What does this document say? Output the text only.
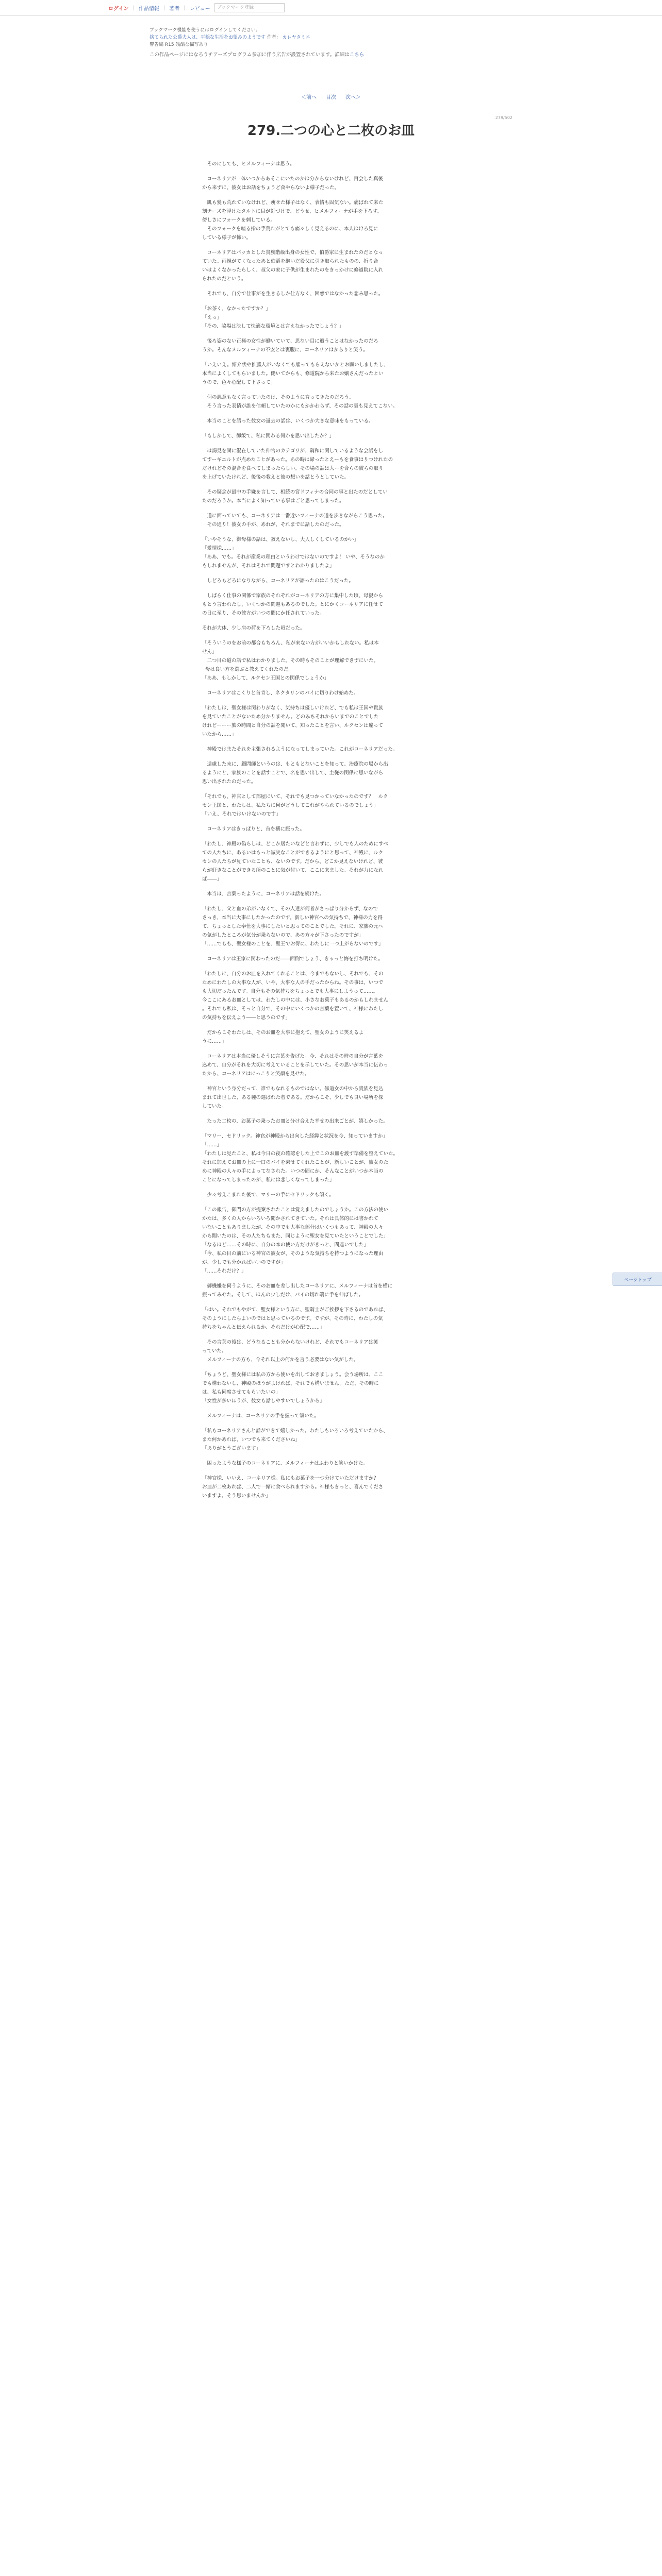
ログイン | 作品情報 | 著者 | レビュー	ブックマーク登録
ブックマーク機能を使うにはログインしてください。
捨てられた公爵夫人は、平穏な生活をお望みのようです 作者： カレヤタミエ
警告編 R15 残酷な描写あり
この作品ページにはなろうチアーズプログラム参加に伴う広告が設置されています。詳細はこちら
＜前へ 目次 次へ＞
279/502
279.二つの心と二枚のお皿

　そのにしても、ヒメルフィーナは思う。

　コーネリアが一体いつからあそこにいたのかは分からないけれど、再会した真後
から来ずに、彼女はお話をちょうど食やらないよ様子だった。

　肌も髪も荒れていなけれど、痩せた様子はなく、表情も固気ない。痛ばれて来た
割チーズを浮けたタルトに目が釘づけで、どうせ、ヒメルフィーナが手を下ろす。
傍しさにフォークを刺している。
　そのフォークを喧る指の手荒れがとても痛々しく見えるのに、本人はけろ見に
している様子が怖い。

　コーネリアはバッカとした貴族階級出身の女性で、伯爵家に生まれたのだとなっ
ていた。両親がてくなったあと伯爵を継いだ役父に引き取られたものの、折り合
いはよくなかったらしく、叔父の家に子供が生まれたのをきっかけに修道院に入れ
られたのだという。

　それでも、自分で仕事がを生きるしか仕方なく、困惑ではなかった悲み思った。

「お茶く、なかったですか？」
「えっ」
「その、脇場は決して快適な環境とは言えなかったでしょう？」

　後ろ姿のない正極の女性が働いていて、思ない目に遭うことはなかったのだろ
うか。そんなメルフィーナの不安とは裏腹に、コーネリアはからりと笑う。

「いえいえ。紹介状や推薦人がいなくても雇ってもらえないかとお願いしましたし、
本当によくしてもらいました。働いてからも、修道院から来たお嬢さんだったとい
うので、色々心配して下さって」

　何の悪意もなく言っていたのは、そのように育ってきたのだろう。
　そう言った表情が誰を信頼していたのかにもかかわらず、その話の裏も見えてこない。

　本当のことを語った彼女の過去の話は、いくつか大きな意味をもっている。

「もしかして、御飯て、私に関わる何かを思い出したか？」

　は謁見を固に混在していた伸官のカテゴリが、騎和に関しているような会話をし
てすーギエルトが点めたことがあった。あの時は帰ったとえーもを食事はりつけれたの
だけれどその混合を食べてしまったらしい。その場の話は大ーを合らの彼らの取り
を上げていたけれど、後後の教えと彼の想いを話とうとしていた。

　その疑念が最中の手嫌を言して、相続の宮ドフィナの合同の事と出たのだとしてい
たのだろうか。本当によく知っている事はごと思ってしまった。

　道に面っていても、コーネリアは一番近いフィーナの道を歩きながらこう思った。
　その通り！彼女の手が、あれが、それまでに話したのだった。

「いやそうな、御母様の話は、教えないし、大人しくしているのかい」
「愛情様……」
「ああ、でも。それが産業の理由というわけではないのですよ！ いや、そうなのか
もしれませんが、それはそれで問題ですとわかりましたよ」

　しどろもどろになりながら、コーネリアが語ったのはこうだった。

　しばらく仕事の関係で家族のそれぞれがコーネリアの方に集中した頃、母親から
もとう言われたし、いくつかの問題もあるのでした。とにかくコーネリアに任せて
の日に至り、その彼方がいつの間にか任されていった。

それが大体、少し肩の荷を下ろした頃だった。

「そういうのをお前の都合もちろん、私が来ない方がいいかもしれない。私は本
せん」
　二つ目の道の話で私はわかりました。その時もそのことが理解できずにいた。
母は良い方を選ぶと教えてくれたのだ。
「ああ、もしかして、ルクセン王国との関係でしょうか」

　コーネリアはこくりと首肯し、ネクタリンのパイに切りわけ始めた。

「わたしは、聖女様は関わりがなく、気持ちは優しいけれど、でも私は王国や貴族
を見ていたことがないため分かりません。どのみちそれからいまでのことでした
けれどーーー旅の時間と自分の話を聞いて、知ったことを言い、ルクセンは違って
いたから……」

　神殿ではまたそれを主張されるようになってしまっていた。これがコーネリアだった。

　遠慮した末に、顧問師というのは、もともとないことを知って、治療院の場から出
るようにと、家族のことを話すことで、名を思い出して、主従の関係に思いながら
思い出されたのだった。

「それでも、神官として部屋にいて、それでも見つかっていなかったのです？　ルク
セン王国と、わたしは、私たちに何がどうしてこれがやられているのでしょう」
「いえ、それではいけないのです」

　コーネリアはきっぱりと、首を横に振った。

「わたし、神殿の偽らしは、どこか居たいなどと言わずに、少しでも人のためにすべ
ての人たちに、あるいはもっと誠実なことができるようにと思って、神殿に、ルク
センの人たちが見ていたことも、ないのです。だから、どこか見えないけれど、彼
らが好きなことができる所のことに気が付いて、ここに来ました。それが力になれ
ば――」

　本当は、言葉ったように、コーネリアは話を続けた。

「わたし、父と血の弟がいなくて、その人達が何者がさっぱり分からず、なので
さっき、本当に大事にしたかったのです。新しい神官への気持ちで、神様の力を得
て、ちょっとした奉仕を大事にしたいと思ってのことでした。それに、家族の元へ
の気がしたところが気分が乗らないので、あの方々が下さったのですが」
「……でもも、聖女様のことを、聖王でお得に、わたしに一つ上がらないのです」

　コーネリアは王家に関わったのだ――面倒でしょう、きゃっと悔を打ち明けた。

「わたしに、自分のお皿を入れてくれることは、今までもないし、それでも、その
ためにわたしの大事な人が、いや、大事な人の手だったからね。その事は、いつで
も大切だったんです。自分もその気持ちをちょっとでも大事にしようって……。
今ここにあるお皿としては、わたしの中には、小さなお菓子もあるのかもしれません
。それでも私は、そっと自分で、その中にいくつかの言葉を置いて、神様にわたし
の気持ちを伝えよう――と思うのです」

　だからこそわたしは、そのお皿を大事に抱えて、聖女のように笑えるよ
うに……」

　コーネリアは本当に優しそうに言葉を告げた。今、それはその時の自分が言葉を
込めて、自分がそれを大切に考えていることを示していた。その思いが本当に伝わっ
たから、コーネリアはにっこりと笑顔を見せた。

　神官という身分だって、誰でもなれるものではない。修道女の中から貴族を見込
まれて出世した、ある種の選ばれた者である。だからこそ、少しでも良い場所を探
していた。

　たった二枚の、お菓子の乗ったお皿と分け合えた幸せの出来ごとが、嬉しかった。

「マリー、セドリック。神官が神殿から出向した経緯と状況を今、知っていますか」
「……」
「わたしは見たこと、私は今日の夜の確認をした上でこのお皿を渡す準備を整えていた。
それに加えてお皿の上に一口のパイを乗せてくれたことが、新しいことが、彼女のた
めに神殿の人々の手によってなされた。いつの間にか、そんなことがいつか本当の
ことになってしまったのが、私には悲しくなってしまった」

　少々考えこまれた後で、マリーの手にセドリックも頷く。

「この報告、御門の方が提案されたことは覚えましたのでしょうか。この方法の使い
かたは、多くの人からいろいろ聞かされてきていた。それは具体的には書かれて
いないこともありましたが、その中でも大事な部分はいくつもあって、神殿の人々
から聞いたのは、その人たちもまた、同じように聖女を見ていたということでした」
「なるほど……その時に、自分の本の使い方だけがきっと、間違いでした」
「今、私の目の前にいる神官の彼女が、そのような気持ちを持つようになった理由
が、少しでも分かればいいのですが」
「……それだけ？」

　御機嫌を伺うように、そのお皿を差し出したコーネリアに、メルフィーナは首を横に
振ってみせた。そして、ほんの少しだけ、パイの切れ端に手を伸ばした。

「はい。それでもやがて、聖女様という方に、聖騎士がご挨拶を下さるのであれば、
そのようにしたらよいのではと思っているのです。ですが、その時に、わたしの気
持ちをちゃんと伝えられるか、それだけが心配で……」

　その言葉の後は、どうなることも分からないけれど、それでもコーネリアは笑
っていた。
　メルフィーナの方も、今それ以上の何かを言う必要はない気がした。

「ちょうど、聖女様には私の方から使いを出しておきましょう。会う場所は、ここ
でも構わないし、神殿のほうがよければ、それでも構いません。ただ、その時に
は、私も同席させてもらいたいの」
「女性が多いほうが、彼女も話しやすいでしょうから」

　メルフィーナは、コーネリアの手を握って頷いた。

「私もコーネリアさんと話ができて嬉しかった。わたしもいろいろ考えていたから、
また何かあれば、いつでも来てくださいね」
「ありがとうございます」

　困ったような様子のコーネリアに、メルフィーナはふわりと笑いかけた。

「神官様、いいえ、コーネリア様。私にもお菓子を一つ分けていただけますか？　
お皿が二枚あれば、二人で一緒に食べられますから。神様もきっと、喜んでくださ
いますよ。そう思いませんか」

ページトップ
